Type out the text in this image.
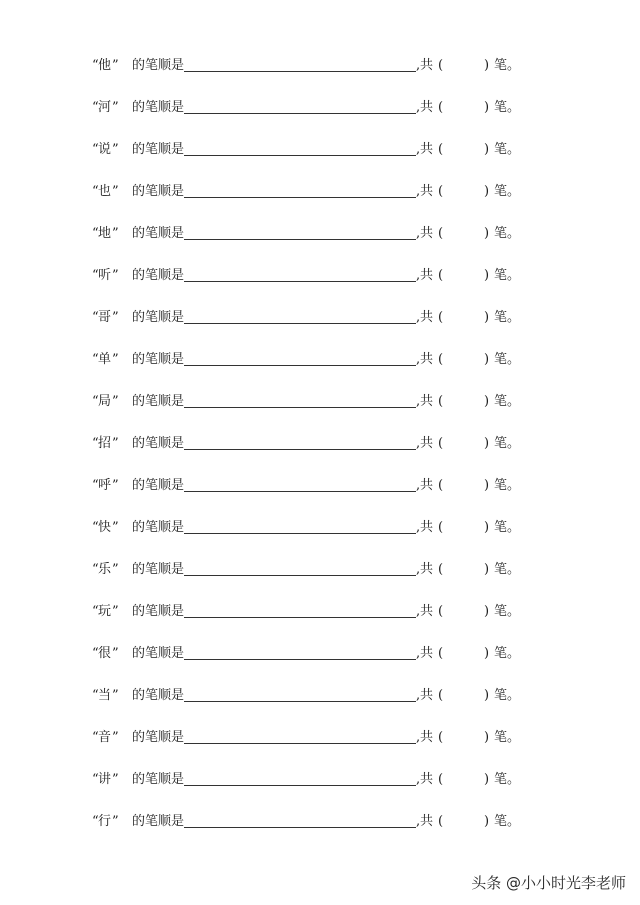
“ 他 ” 的笔顺是	, 共 (	) 笔。
“ 河 ” 的笔顺是	, 共 (	) 笔。
“ 说 ” 的笔顺是	, 共 (	) 笔。
“ 也 ” 的笔顺是	, 共 (	) 笔。
“ 地 ” 的笔顺是	, 共 (	) 笔。
“ 听 ” 的笔顺是	, 共 (	) 笔。
“ 哥 ” 的笔顺是	, 共 (	) 笔。
“ 单 ” 的笔顺是	, 共 (	) 笔。
“ 局 ” 的笔顺是	, 共 (	) 笔。
“ 招 ” 的笔顺是	, 共 (	) 笔。
“ 呼 ” 的笔顺是	, 共 (	) 笔。
“ 快 ” 的笔顺是	, 共 (	) 笔。
“ 乐 ” 的笔顺是	, 共 (	) 笔。
“ 玩 ” 的笔顺是	, 共 (	) 笔。
“ 很 ” 的笔顺是	, 共 (	) 笔。
“ 当 ” 的笔顺是	, 共 (	) 笔。
“ 音 ” 的笔顺是	, 共 (	) 笔。
“ 讲 ” 的笔顺是	, 共 (	) 笔。
“ 行 ” 的笔顺是	, 共 (	) 笔。
头条 @小小时光李老师
